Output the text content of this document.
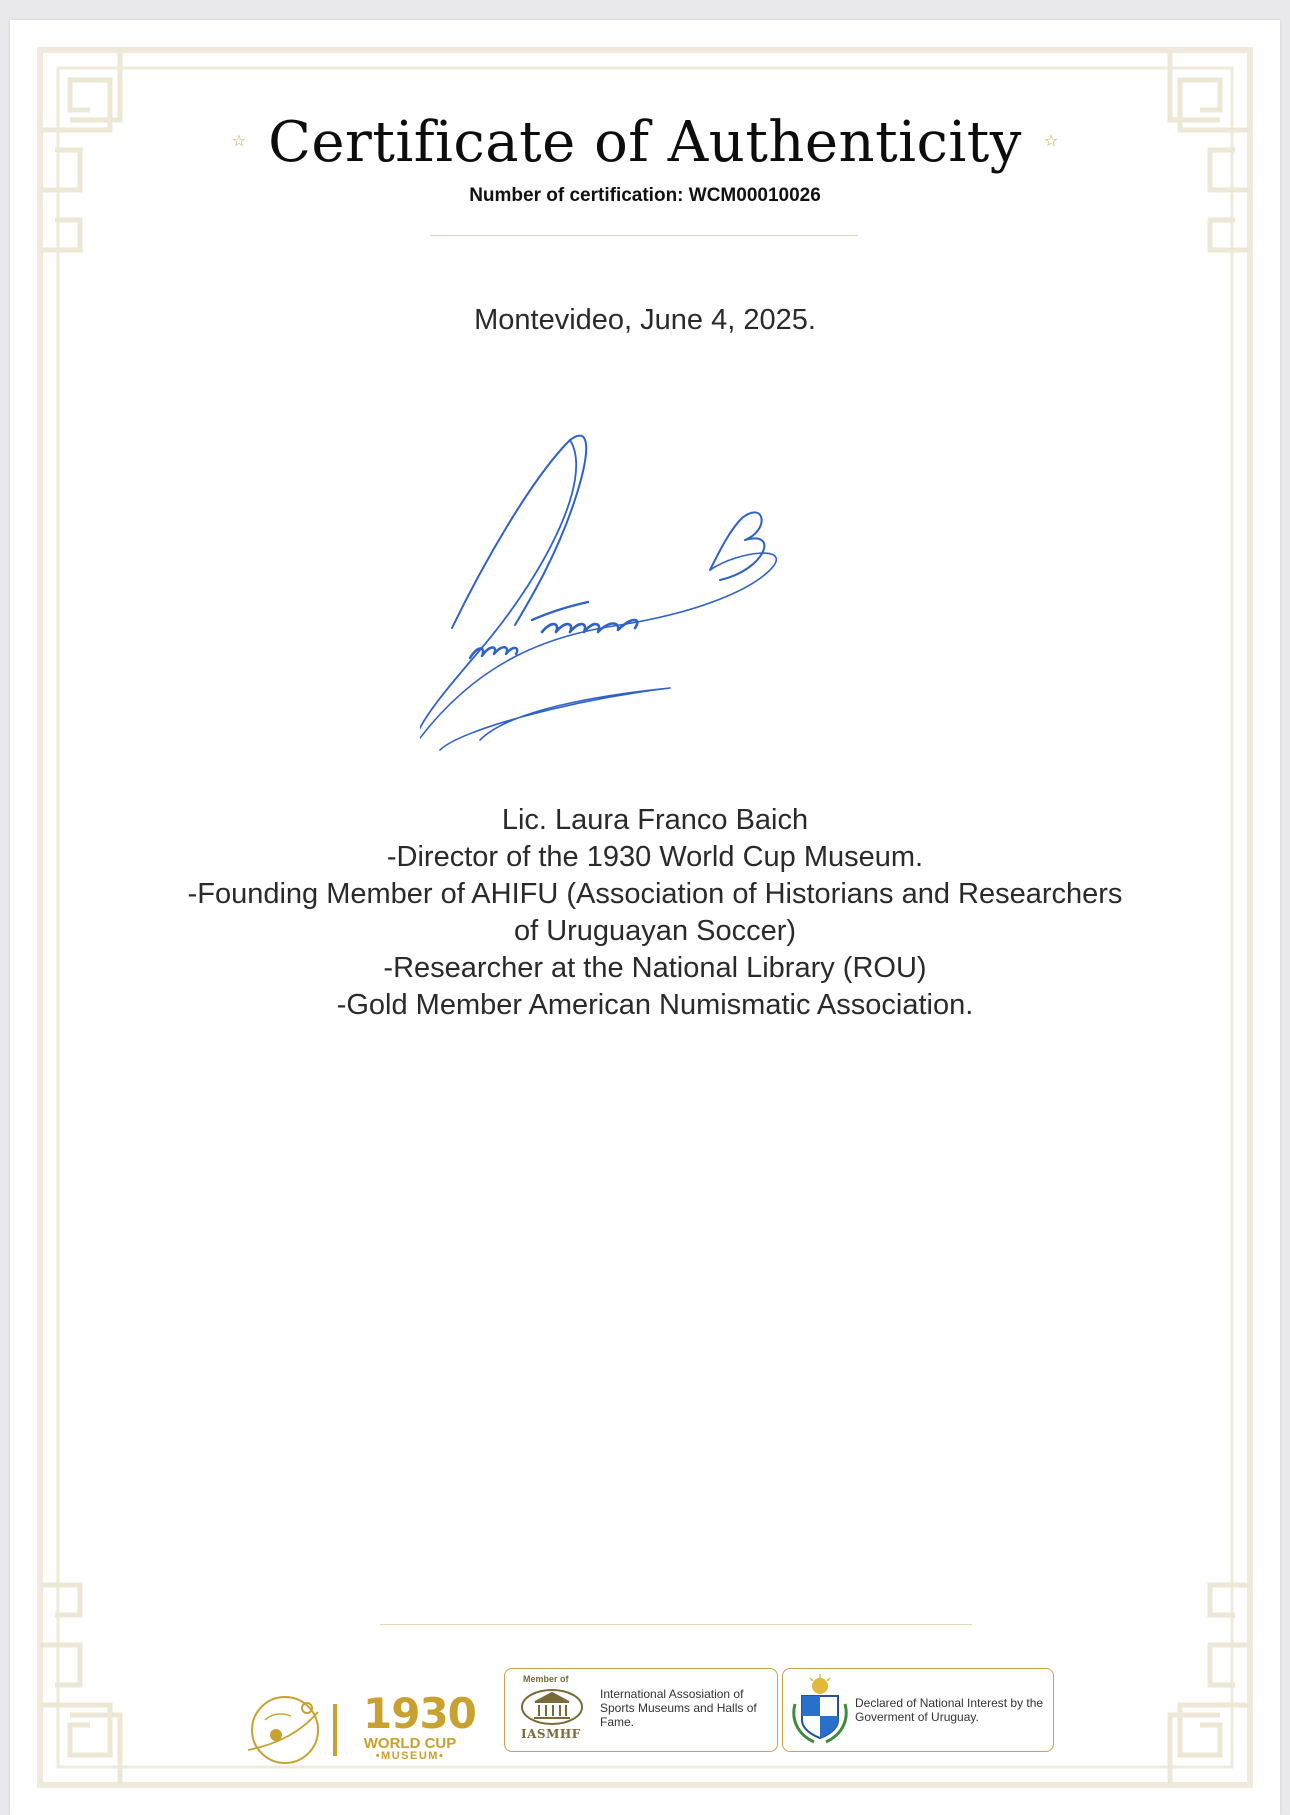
☆ Certificate of Authenticity ☆
Number of certification: WCM00010026
Montevideo, June 4, 2025.
Lic. Laura Franco Baich
-Director of the 1930 World Cup Museum.
-Founding Member of AHIFU (Association of Historians and Researchers
of Uruguayan Soccer)
-Researcher at the National Library (ROU)
-Gold Member American Numismatic Association.
1930
WORLD CUP
•MUSEUM•
Member of
IASMHF
International Assosiation of Sports Museums and Halls of Fame.
Declared of National Interest by the Goverment of Uruguay.
